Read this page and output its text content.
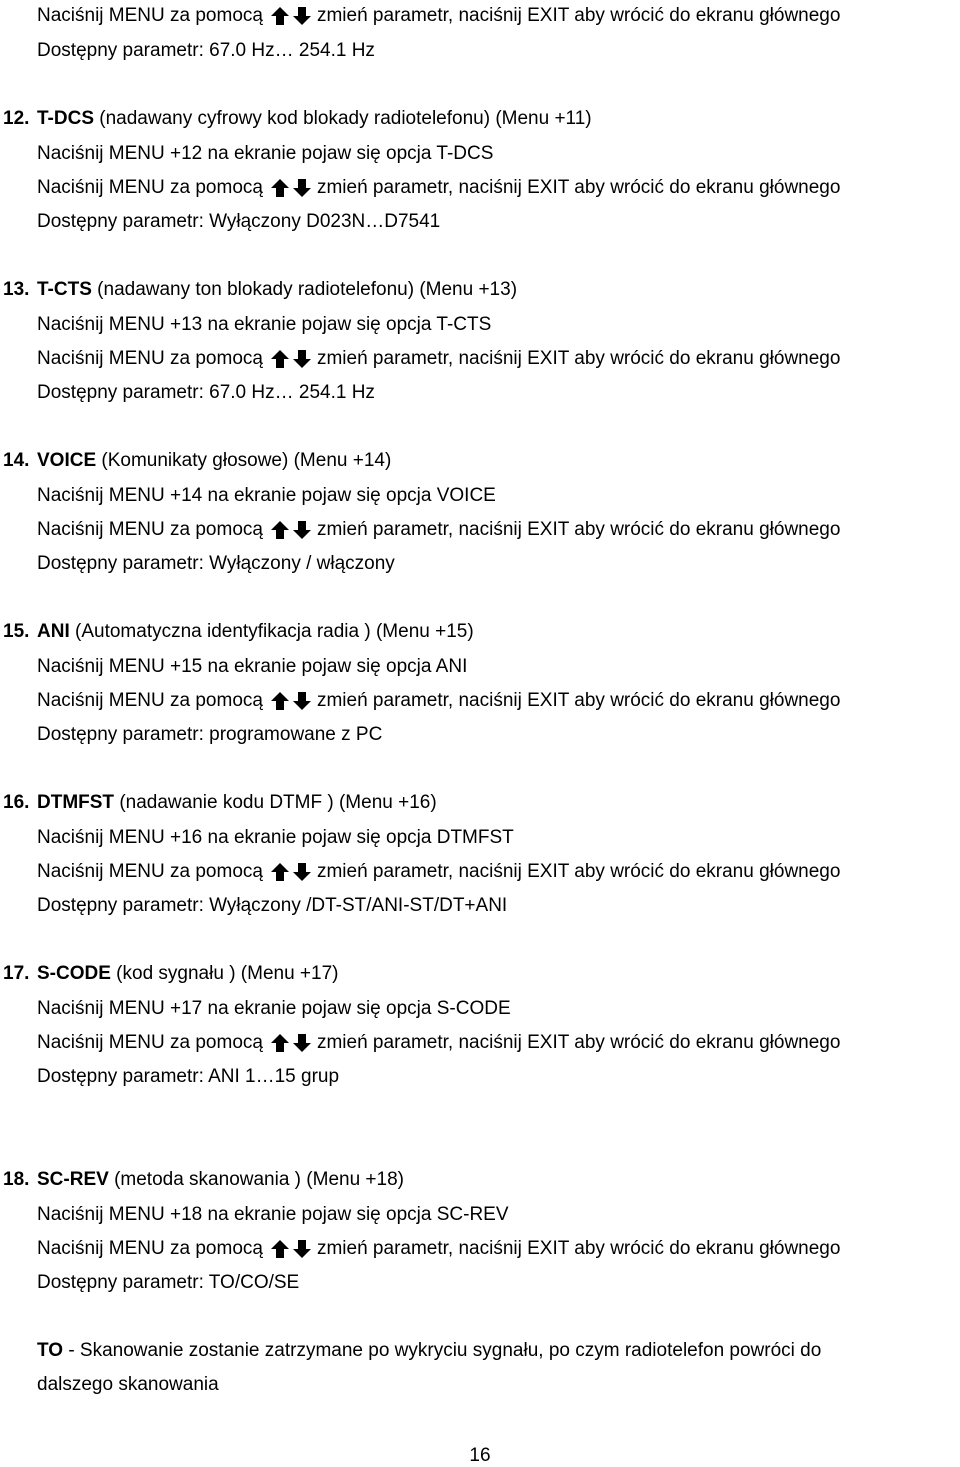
Naciśnij MENU za pomocą	zmień parametr, naciśnij EXIT aby wrócić do ekranu głównego
Dostępny parametr: 67.0 Hz… 254.1 Hz
12. T-DCS (nadawany cyfrowy kod blokady radiotelefonu) (Menu +11)
Naciśnij MENU +12 na ekranie pojaw się opcja T-DCS
Naciśnij MENU za pomocą	zmień parametr, naciśnij EXIT aby wrócić do ekranu głównego
Dostępny parametr: Wyłączony D023N…D7541
13. T-CTS (nadawany ton blokady radiotelefonu) (Menu +13)
Naciśnij MENU +13 na ekranie pojaw się opcja T-CTS
Naciśnij MENU za pomocą	zmień parametr, naciśnij EXIT aby wrócić do ekranu głównego
Dostępny parametr: 67.0 Hz… 254.1 Hz
14. VOICE (Komunikaty głosowe) (Menu +14)
Naciśnij MENU +14 na ekranie pojaw się opcja VOICE
Naciśnij MENU za pomocą	zmień parametr, naciśnij EXIT aby wrócić do ekranu głównego
Dostępny parametr: Wyłączony / włączony
15. ANI (Automatyczna identyfikacja radia ) (Menu +15)
Naciśnij MENU +15 na ekranie pojaw się opcja ANI
Naciśnij MENU za pomocą	zmień parametr, naciśnij EXIT aby wrócić do ekranu głównego
Dostępny parametr: programowane z PC
16. DTMFST (nadawanie kodu DTMF ) (Menu +16)
Naciśnij MENU +16 na ekranie pojaw się opcja DTMFST
Naciśnij MENU za pomocą	zmień parametr, naciśnij EXIT aby wrócić do ekranu głównego
Dostępny parametr: Wyłączony /DT-ST/ANI-ST/DT+ANI
17. S-CODE (kod sygnału ) (Menu +17)
Naciśnij MENU +17 na ekranie pojaw się opcja S-CODE
Naciśnij MENU za pomocą	zmień parametr, naciśnij EXIT aby wrócić do ekranu głównego
Dostępny parametr: ANI 1…15 grup
18. SC-REV (metoda skanowania ) (Menu +18)
Naciśnij MENU +18 na ekranie pojaw się opcja SC-REV
Naciśnij MENU za pomocą	zmień parametr, naciśnij EXIT aby wrócić do ekranu głównego
Dostępny parametr: TO/CO/SE
TO - Skanowanie zostanie zatrzymane po wykryciu sygnału, po czym radiotelefon powróci do
dalszego skanowania
16
